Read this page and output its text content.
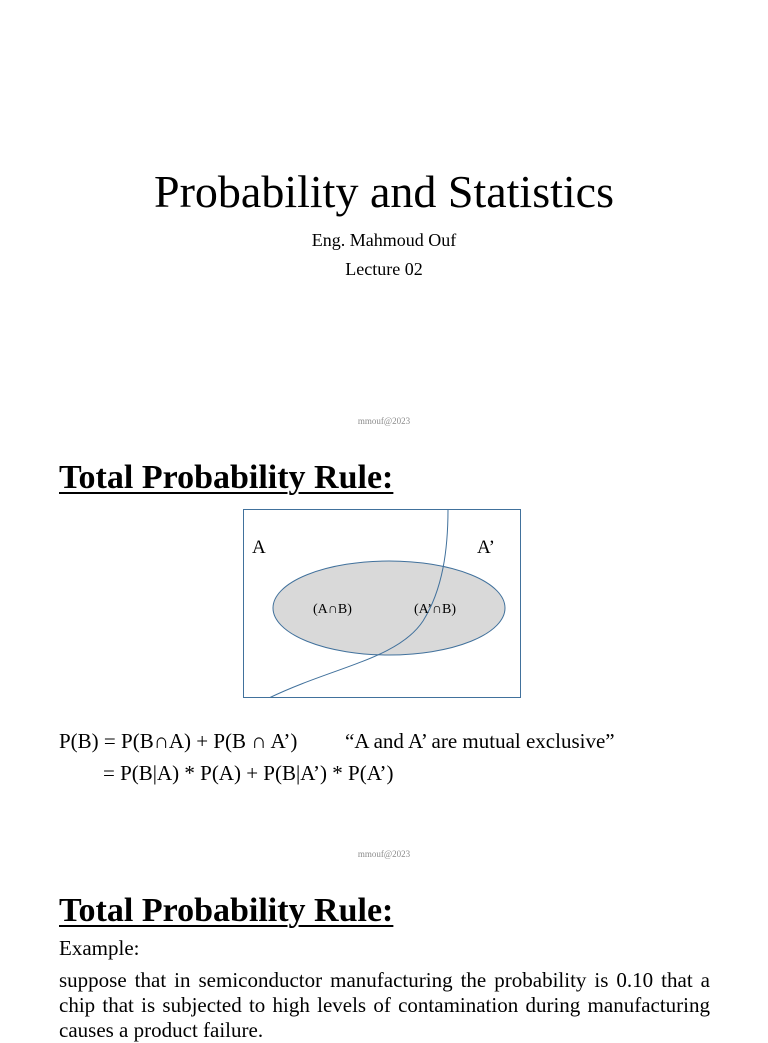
Probability and Statistics
Eng. Mahmoud Ouf
Lecture 02
mmouf@2023
Total Probability Rule:
A	A’
(A∩B)	(A’∩B)
P(B) = P(B∩A) + P(B ∩ A’) “A and A’ are mutual exclusive”
= P(B|A) * P(A) + P(B|A’) * P(A’)
mmouf@2023
Total Probability Rule:
Example:
suppose that in semiconductor manufacturing the probability is 0.10 that a chip that is subjected to high levels of contamination during manufacturing causes a product failure.
